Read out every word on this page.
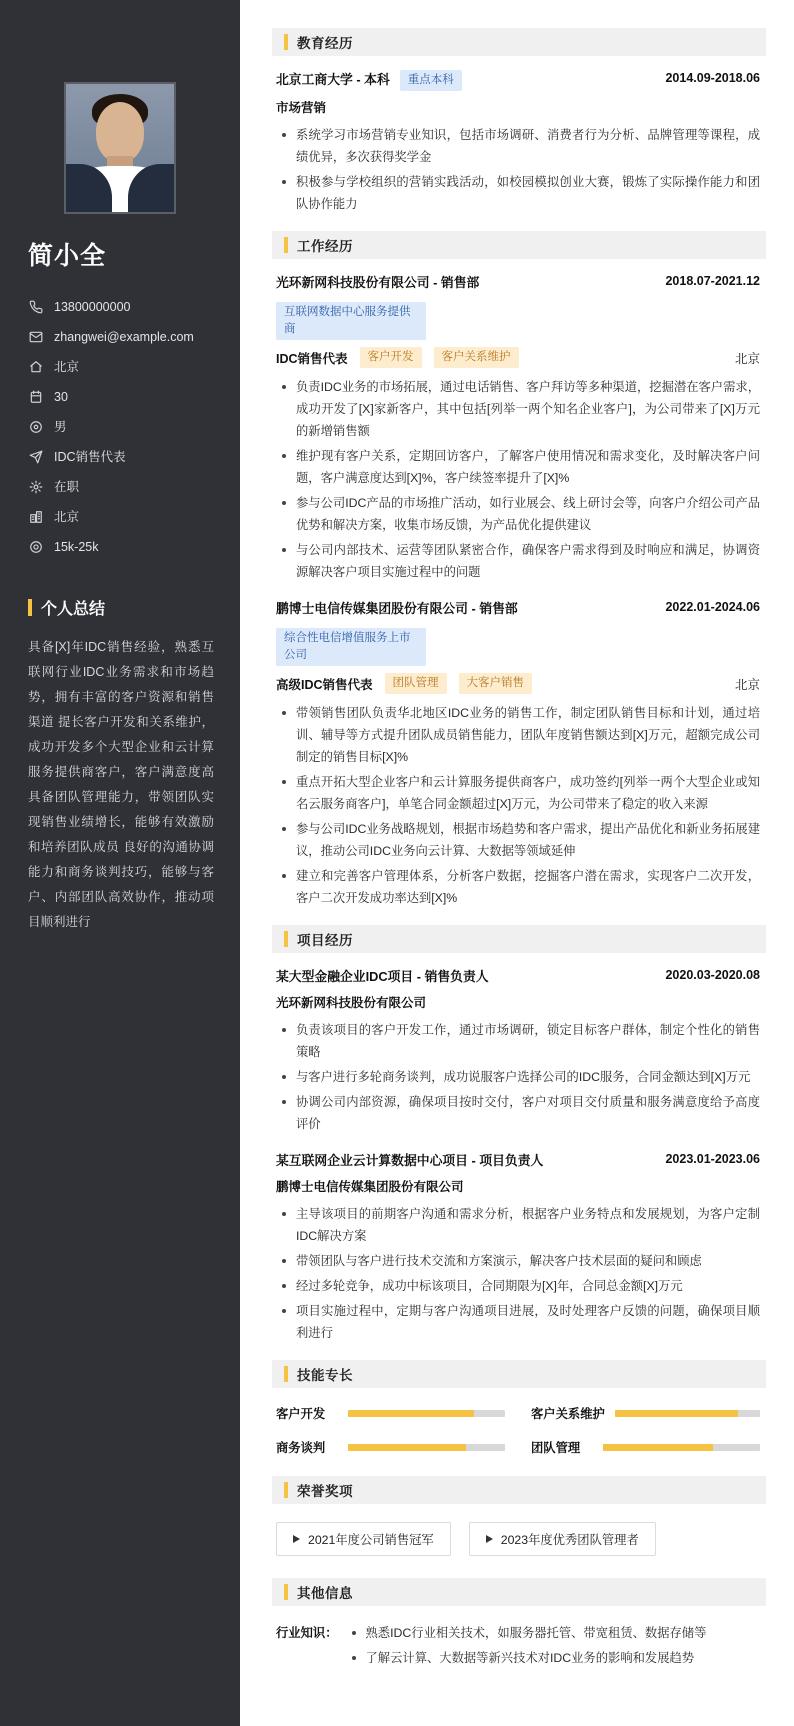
简小全
13800000000
zhangwei@example.com
北京
30
男
IDC销售代表
在职
北京
15k-25k
个人总结
具备[X]年IDC销售经验，熟悉互联网行业IDC业务需求和市场趋势，拥有丰富的客户资源和销售渠道 提长客户开发和关系维护，成功开发多个大型企业和云计算服务提供商客户，客户满意度高 具备团队管理能力，带领团队实现销售业绩增长，能够有效激励和培养团队成员 良好的沟通协调能力和商务谈判技巧，能够与客户、内部团队高效协作，推动项目顺利进行
教育经历
北京工商大学 - 本科	重点本科	2014.09-2018.06
市场营销
系统学习市场营销专业知识，包括市场调研、消费者行为分析、品牌管理等课程，成绩优异，多次获得奖学金
积极参与学校组织的营销实践活动，如校园模拟创业大赛，锻炼了实际操作能力和团队协作能力
工作经历
光环新网科技股份有限公司 - 销售部
互联网数据中心服务提供商
2018.07-2021.12
IDC销售代表	客户开发	客户关系维护	北京
负责IDC业务的市场拓展，通过电话销售、客户拜访等多种渠道，挖掘潜在客户需求，成功开发了[X]家新客户，其中包括[列举一两个知名企业客户]，为公司带来了[X]万元的新增销售额
维护现有客户关系，定期回访客户，了解客户使用情况和需求变化，及时解决客户问题，客户满意度达到[X]%，客户续签率提升了[X]%
参与公司IDC产品的市场推广活动，如行业展会、线上研讨会等，向客户介绍公司产品优势和解决方案，收集市场反馈，为产品优化提供建议
与公司内部技术、运营等团队紧密合作，确保客户需求得到及时响应和满足，协调资源解决客户项目实施过程中的问题
鹏博士电信传媒集团股份有限公司 - 销售部
综合性电信增值服务上市公司
2022.01-2024.06
高级IDC销售代表	团队管理	大客户销售	北京
带领销售团队负责华北地区IDC业务的销售工作，制定团队销售目标和计划，通过培训、辅导等方式提升团队成员销售能力，团队年度销售额达到[X]万元，超额完成公司制定的销售目标[X]%
重点开拓大型企业客户和云计算服务提供商客户，成功签约[列举一两个大型企业或知名云服务商客户]，单笔合同金额超过[X]万元，为公司带来了稳定的收入来源
参与公司IDC业务战略规划，根据市场趋势和客户需求，提出产品优化和新业务拓展建议，推动公司IDC业务向云计算、大数据等领域延伸
建立和完善客户管理体系，分析客户数据，挖掘客户潜在需求，实现客户二次开发，客户二次开发成功率达到[X]%
项目经历
某大型金融企业IDC项目 - 销售负责人	2020.03-2020.08
光环新网科技股份有限公司
负责该项目的客户开发工作，通过市场调研，锁定目标客户群体，制定个性化的销售策略
与客户进行多轮商务谈判，成功说服客户选择公司的IDC服务，合同金额达到[X]万元
协调公司内部资源，确保项目按时交付，客户对项目交付质量和服务满意度给予高度评价
某互联网企业云计算数据中心项目 - 项目负责人	2023.01-2023.06
鹏博士电信传媒集团股份有限公司
主导该项目的前期客户沟通和需求分析，根据客户业务特点和发展规划，为客户定制IDC解决方案
带领团队与客户进行技术交流和方案演示，解决客户技术层面的疑问和顾虑
经过多轮竞争，成功中标该项目，合同期限为[X]年，合同总金额[X]万元
项目实施过程中，定期与客户沟通项目进展，及时处理客户反馈的问题，确保项目顺利进行
技能专长
客户开发	客户关系维护
商务谈判	团队管理
荣誉奖项
2021年度公司销售冠军	2023年度优秀团队管理者
其他信息
行业知识：	熟悉IDC行业相关技术，如服务器托管、带宽租赁、数据存储等
了解云计算、大数据等新兴技术对IDC业务的影响和发展趋势
